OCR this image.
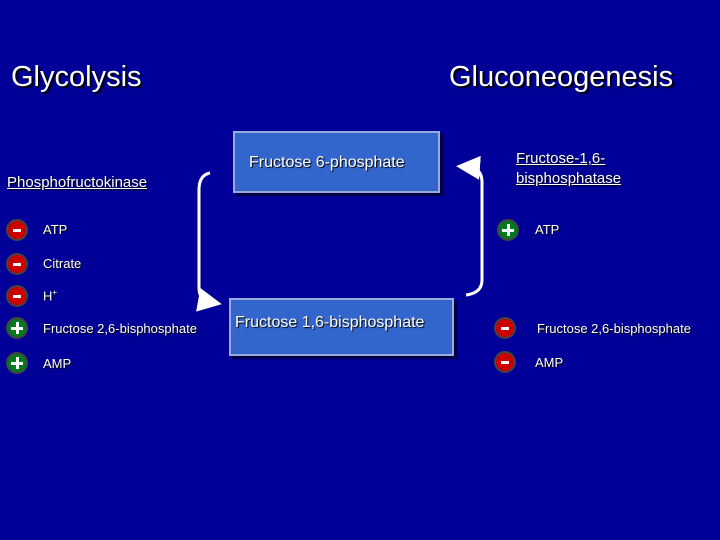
Glycolysis	Gluconeogenesis
Phosphofructokinase
Fructose-1,6-bisphosphatase
Fructose 6-phosphate
Fructose 1,6-bisphosphate
ATP
Citrate
H+
Fructose 2,6-bisphosphate
AMP
ATP
Fructose 2,6-bisphosphate
AMP
